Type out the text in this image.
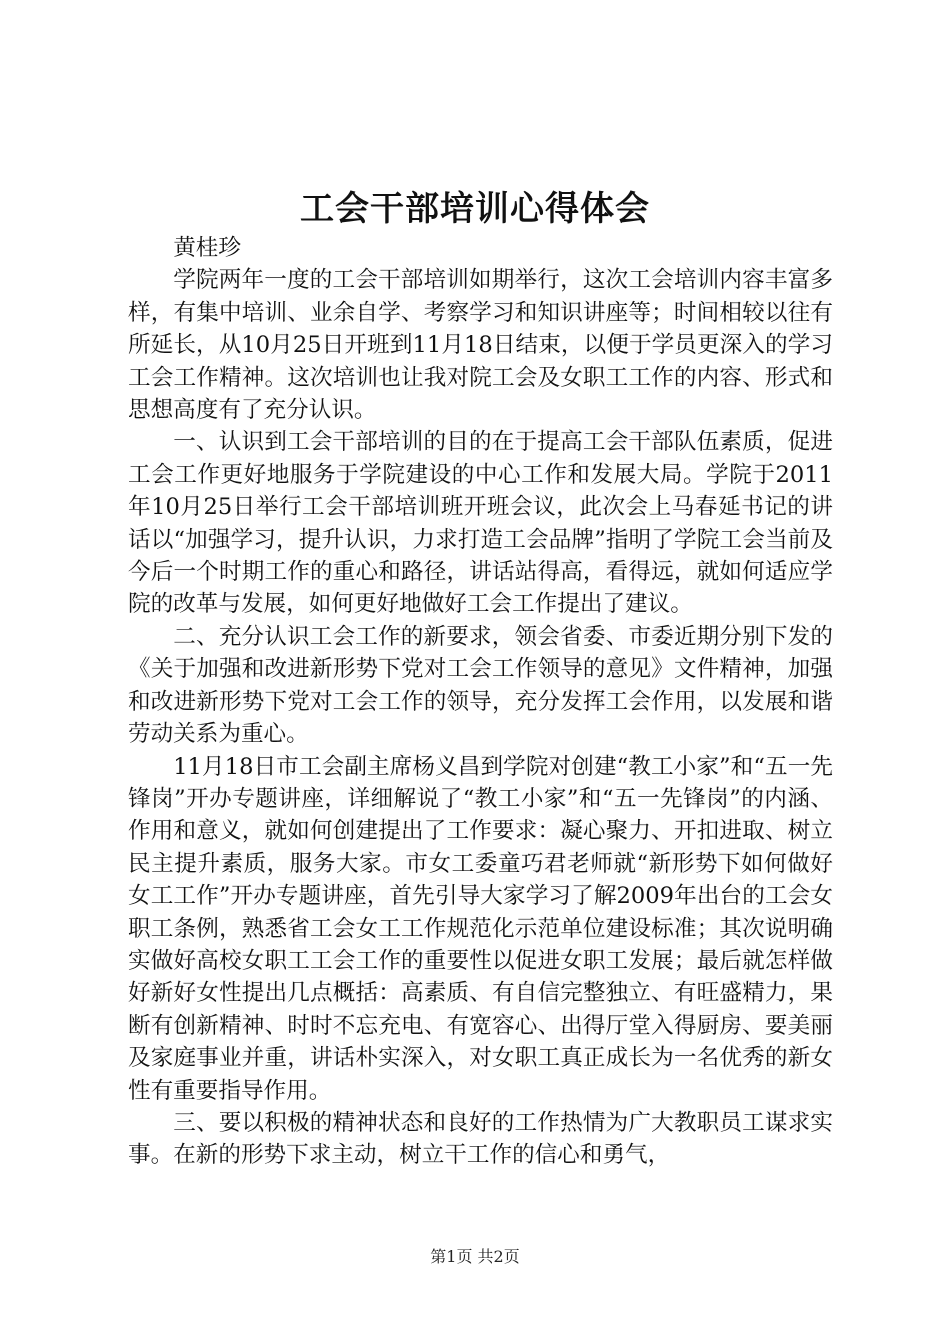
工会干部培训心得体会

黄桂珍

学院两年一度的工会干部培训如期举行，这次工会培训内容丰富多样，有集中培训、业余自学、考察学习和知识讲座等；时间相较以往有所延长，从10月25日开班到11月18日结束，以便于学员更深入的学习工会工作精神。这次培训也让我对院工会及女职工工作的内容、形式和思想高度有了充分认识。

一、认识到工会干部培训的目的在于提高工会干部队伍素质，促进工会工作更好地服务于学院建设的中心工作和发展大局。学院于2011年10月25日举行工会干部培训班开班会议，此次会上马春延书记的讲话以“加强学习，提升认识，力求打造工会品牌”指明了学院工会当前及今后一个时期工作的重心和路径，讲话站得高，看得远，就如何适应学院的改革与发展，如何更好地做好工会工作提出了建议。

二、充分认识工会工作的新要求，领会省委、市委近期分别下发的《关于加强和改进新形势下党对工会工作领导的意见》文件精神，加强和改进新形势下党对工会工作的领导，充分发挥工会作用，以发展和谐劳动关系为重心。

11月18日市工会副主席杨义昌到学院对创建“教工小家”和“五一先锋岗”开办专题讲座，详细解说了“教工小家”和“五一先锋岗”的内涵、作用和意义，就如何创建提出了工作要求：凝心聚力、开扣进取、树立民主提升素质，服务大家。市女工委童巧君老师就“新形势下如何做好女工工作”开办专题讲座，首先引导大家学习了解2009年出台的工会女职工条例，熟悉省工会女工工作规范化示范单位建设标准；其次说明确实做好高校女职工工会工作的重要性以促进女职工发展；最后就怎样做好新好女性提出几点概括：高素质、有自信完整独立、有旺盛精力，果断有创新精神、时时不忘充电、有宽容心、出得厅堂入得厨房、要美丽及家庭事业并重，讲话朴实深入，对女职工真正成长为一名优秀的新女性有重要指导作用。

三、要以积极的精神状态和良好的工作热情为广大教职员工谋求实事。在新的形势下求主动，树立干工作的信心和勇气，

第1页 共2页
